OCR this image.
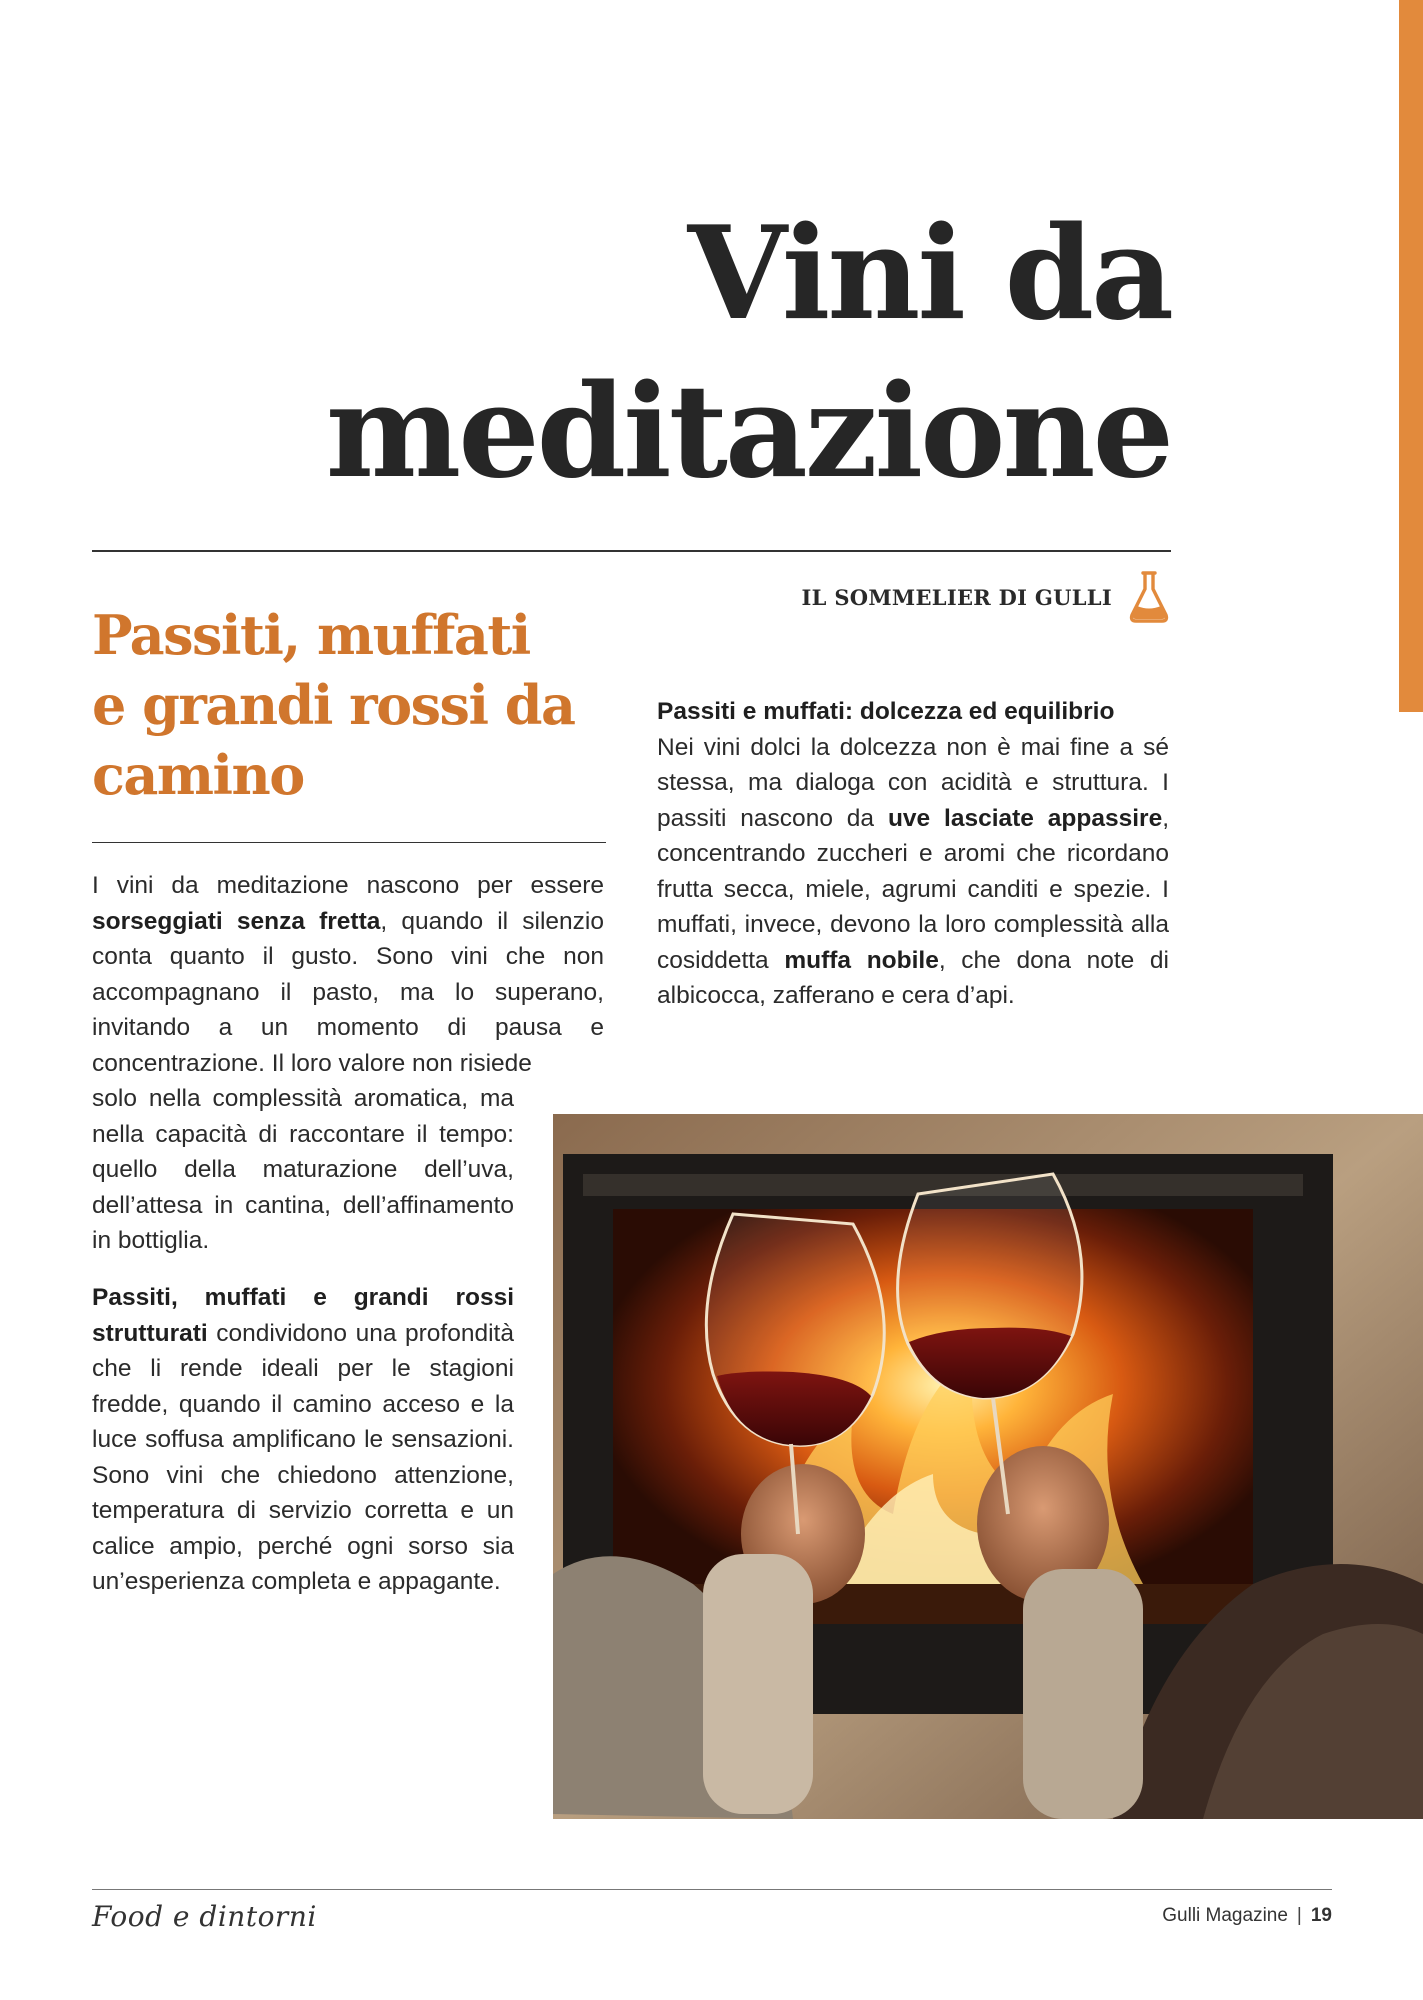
Vini da
meditazione
IL SOMMELIER DI GULLI
Passiti, muffati
e grandi rossi da
camino

I vini da meditazione nascono per essere sorseggiati senza fretta, quando il silenzio conta quanto il gusto. Sono vini che non accompagnano il pasto, ma lo superano, invitando a un momento di pausa e concentrazione. Il loro valore non risiede
solo nella complessità aromatica, ma nella capacità di raccontare il tempo: quello della maturazione dell’uva, dell’attesa in cantina, dell’affinamento in bottiglia.

Passiti, muffati e grandi rossi strutturati condividono una profondità che li rende ideali per le stagioni fredde, quando il camino acceso e la luce soffusa amplificano le sensazioni. Sono vini che chiedono attenzione, temperatura di servizio corretta e un calice ampio, perché ogni sorso sia un’esperienza completa e appagante.

Passiti e muffati: dolcezza ed equilibrio
Nei vini dolci la dolcezza non è mai fine a sé stessa, ma dialoga con acidità e struttura. I passiti nascono da uve lasciate appassire, concentrando zuccheri e aromi che ricordano frutta secca, miele, agrumi canditi e spezie. I muffati, invece, devono la loro complessità alla cosiddetta muffa nobile, che dona note di albicocca, zafferano e cera d’api.

Food e dintorni	Gulli Magazine | 19
